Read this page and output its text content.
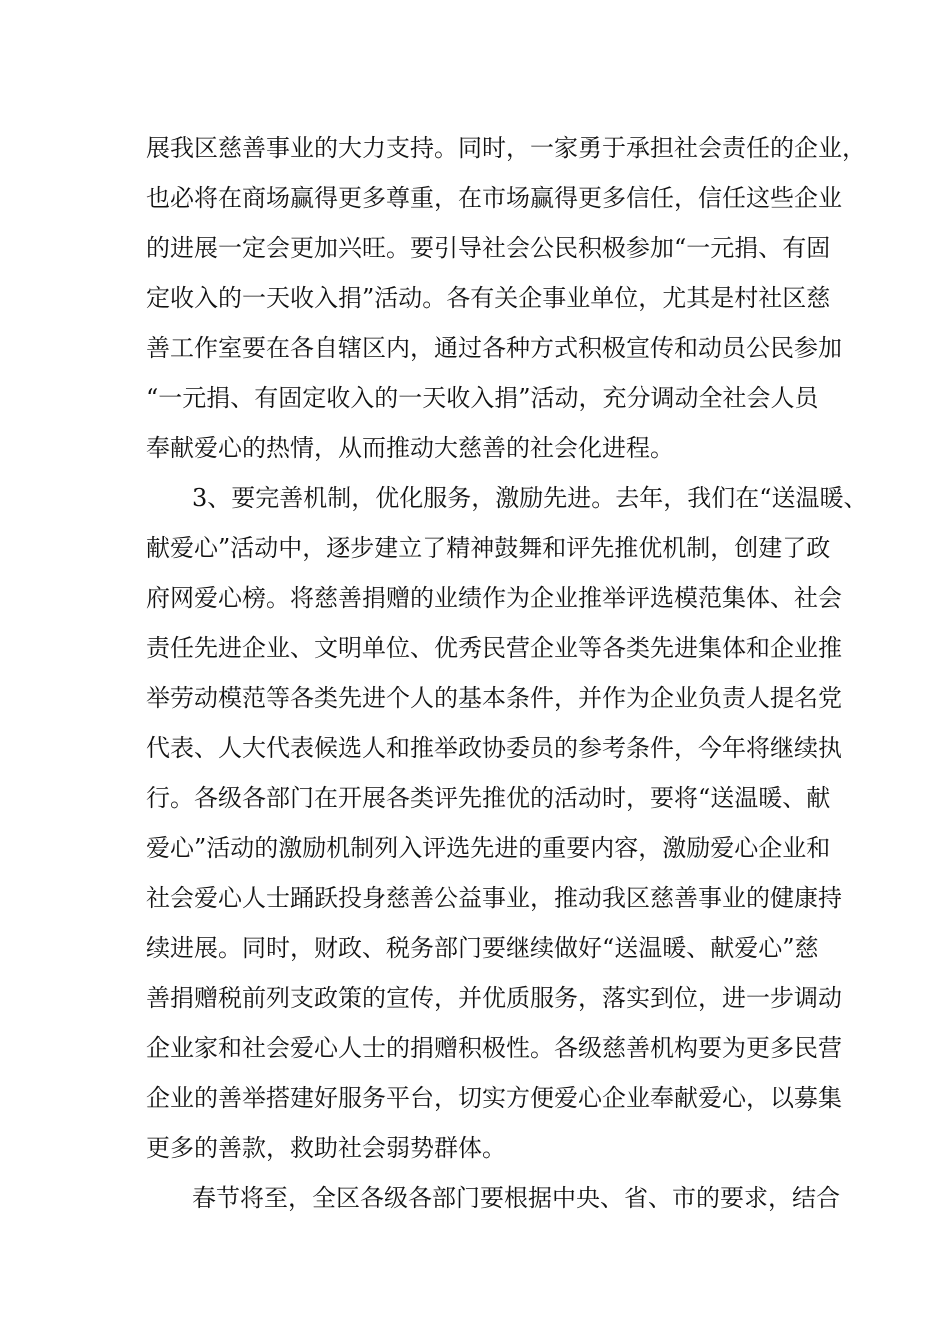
展我区慈善事业的大力支持。同时，一家勇于承担社会责任的企业，
也必将在商场赢得更多尊重，在市场赢得更多信任，信任这些企业
的进展一定会更加兴旺。要引导社会公民积极参加“一元捐、有固
定收入的一天收入捐”活动。各有关企事业单位，尤其是村社区慈
善工作室要在各自辖区内，通过各种方式积极宣传和动员公民参加
“一元捐、有固定收入的一天收入捐”活动，充分调动全社会人员
奉献爱心的热情，从而推动大慈善的社会化进程。
3、要完善机制，优化服务，激励先进。去年，我们在“送温暖、
献爱心”活动中，逐步建立了精神鼓舞和评先推优机制，创建了政
府网爱心榜。将慈善捐赠的业绩作为企业推举评选模范集体、社会
责任先进企业、文明单位、优秀民营企业等各类先进集体和企业推
举劳动模范等各类先进个人的基本条件，并作为企业负责人提名党
代表、人大代表候选人和推举政协委员的参考条件，今年将继续执
行。各级各部门在开展各类评先推优的活动时，要将“送温暖、献
爱心”活动的激励机制列入评选先进的重要内容，激励爱心企业和
社会爱心人士踊跃投身慈善公益事业，推动我区慈善事业的健康持
续进展。同时，财政、税务部门要继续做好“送温暖、献爱心”慈
善捐赠税前列支政策的宣传，并优质服务，落实到位，进一步调动
企业家和社会爱心人士的捐赠积极性。各级慈善机构要为更多民营
企业的善举搭建好服务平台，切实方便爱心企业奉献爱心，以募集
更多的善款，救助社会弱势群体。
春节将至，全区各级各部门要根据中央、省、市的要求，结合
